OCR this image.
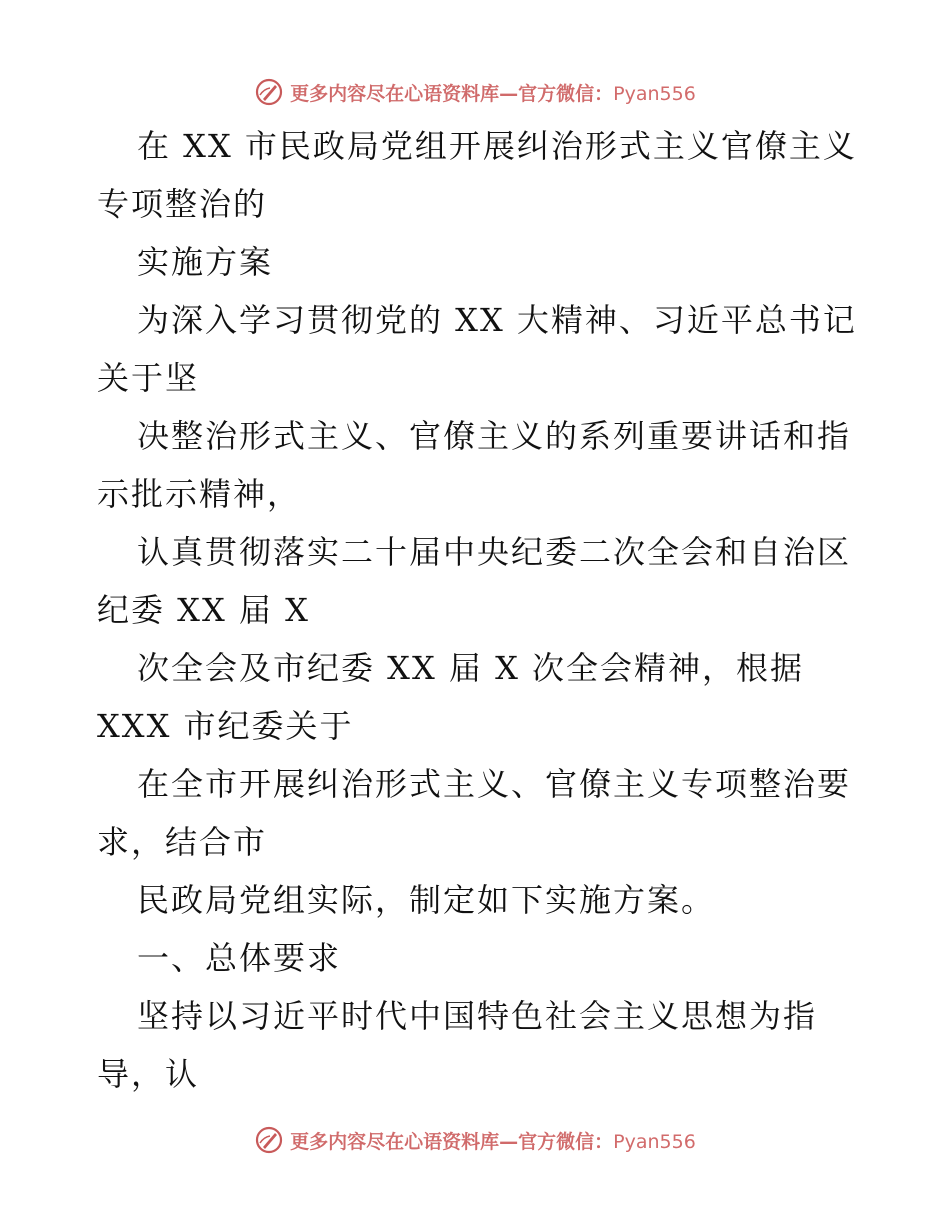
更多内容尽在心语资料库—官方微信：Pyan556
在 XX 市民政局党组开展纠治形式主义官僚主义
专项整治的
实施方案
为深入学习贯彻党的 XX 大精神、习近平总书记
关于坚
决整治形式主义、官僚主义的系列重要讲话和指
示批示精神，
认真贯彻落实二十届中央纪委二次全会和自治区
纪委 XX 届 X
次全会及市纪委 XX 届 X 次全会精神，根据
XXX 市纪委关于
在全市开展纠治形式主义、官僚主义专项整治要
求，结合市
民政局党组实际，制定如下实施方案。
一、总体要求
坚持以习近平时代中国特色社会主义思想为指
导，认
更多内容尽在心语资料库—官方微信：Pyan556
